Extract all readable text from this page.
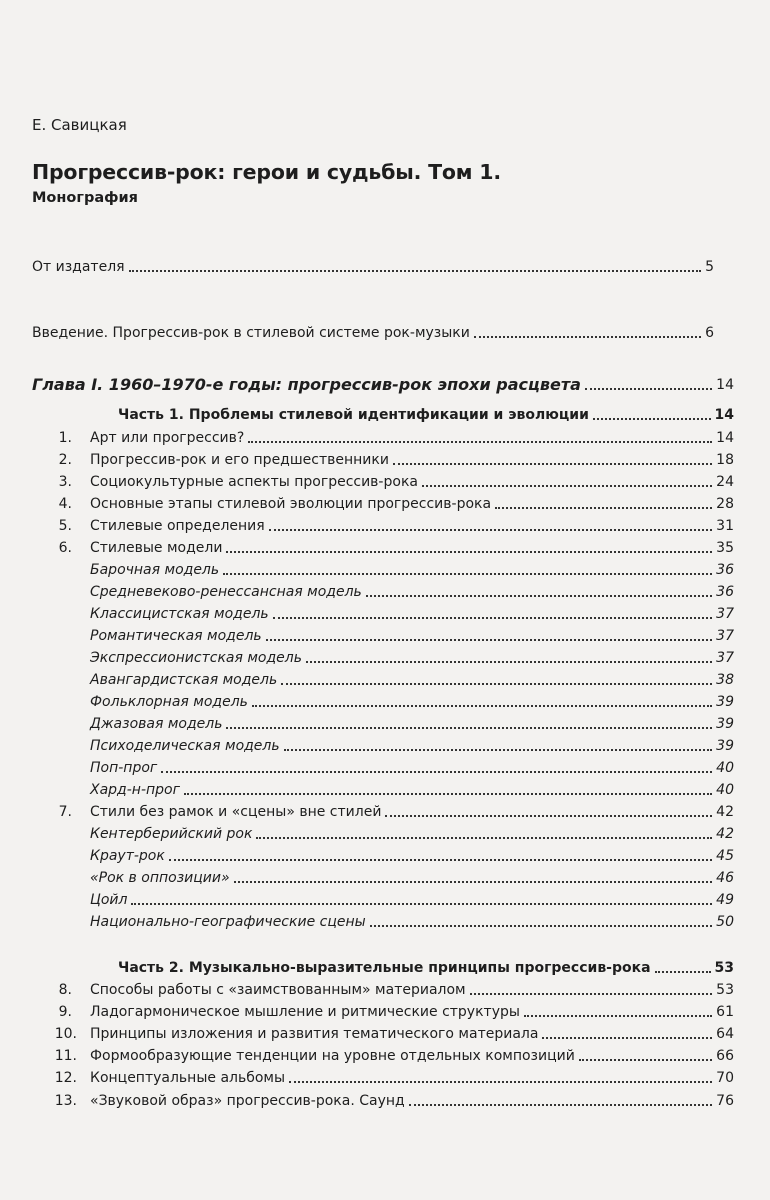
Е. Савицкая
Прогрессив-рок: герои и судьбы. Том 1.
Монография
От издателя	5
Введение. Прогрессив-рок в стилевой системе рок-музыки	6
Глава I. 1960–1970-е годы: прогрессив-рок эпохи расцвета	14
Часть 1. Проблемы стилевой идентификации и эволюции	14
1. Арт или прогрессив?	14
2. Прогрессив-рок и его предшественники	18
3. Социокультурные аспекты прогрессив-рока	24
4. Основные этапы стилевой эволюции прогрессив-рока	28
5. Стилевые определения	31
6. Стилевые модели	35
Барочная модель	36
Средневеково-ренессансная модель	36
Классицистская модель	37
Романтическая модель	37
Экспрессионистская модель	37
Авангардистская модель	38
Фольклорная модель	39
Джазовая модель	39
Психоделическая модель	39
Поп-прог	40
Хард-н-прог	40
7. Стили без рамок и «сцены» вне стилей	42
Кентерберийский рок	42
Краут-рок	45
«Рок в оппозиции»	46
Цойл	49
Национально-географические сцены	50
Часть 2. Музыкально-выразительные принципы прогрессив-рока	53
8. Способы работы с «заимствованным» материалом	53
9. Ладогармоническое мышление и ритмические структуры	61
10. Принципы изложения и развития тематического материала	64
11. Формообразующие тенденции на уровне отдельных композиций	66
12. Концептуальные альбомы	70
13. «Звуковой образ» прогрессив-рока. Саунд	76
